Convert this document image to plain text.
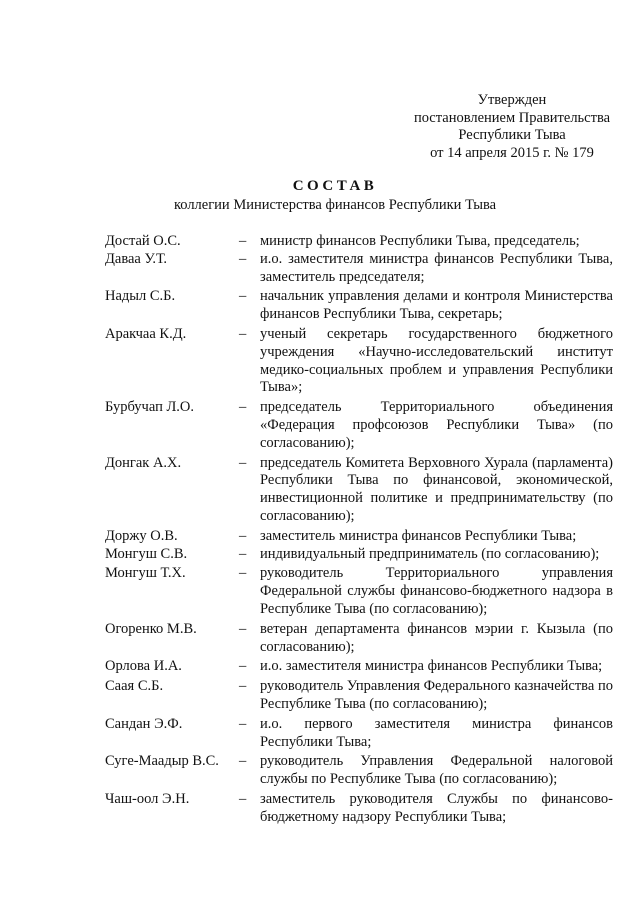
Утвержден
постановлением Правительства
Республики Тыва
от 14 апреля 2015 г. № 179
СОСТАВ
коллегии Министерства финансов Республики Тыва
Достай О.С.	– министр финансов Республики Тыва, председатель;
Даваа У.Т.	– и.о. заместителя министра финансов Республики Тыва, заместитель председателя;
Надыл С.Б.	– начальник управления делами и контроля Министерства финансов Республики Тыва, секретарь;
Аракчаа К.Д.	– ученый секретарь государственного бюджетного учреждения «Научно-исследовательский институт медико-социальных проблем и управления Республики Тыва»;
Бурбучап Л.О.	– председатель Территориального объединения «Федерация профсоюзов Республики Тыва» (по согласованию);
Донгак А.Х.	– председатель Комитета Верховного Хурала (парламента) Республики Тыва по финансовой, экономической, инвестиционной политике и предпринимательству (по согласованию);
Доржу О.В.	– заместитель министра финансов Республики Тыва;
Монгуш С.В.	– индивидуальный предприниматель (по согласованию);
Монгуш Т.Х.	– руководитель Территориального управления Федеральной службы финансово-бюджетного надзора в Республике Тыва (по согласованию);
Огоренко М.В.	– ветеран департамента финансов мэрии г. Кызыла (по согласованию);
Орлова И.А.	– и.о. заместителя министра финансов Республики Тыва;
Саая С.Б.	– руководитель Управления Федерального казначейства по Республике Тыва (по согласованию);
Сандан Э.Ф.	– и.о. первого заместителя министра финансов Республики Тыва;
Суге-Маадыр В.С.	– руководитель Управления Федеральной налоговой службы по Республике Тыва (по согласованию);
Чаш-оол Э.Н.	– заместитель руководителя Службы по финансово-бюджетному надзору Республики Тыва;
